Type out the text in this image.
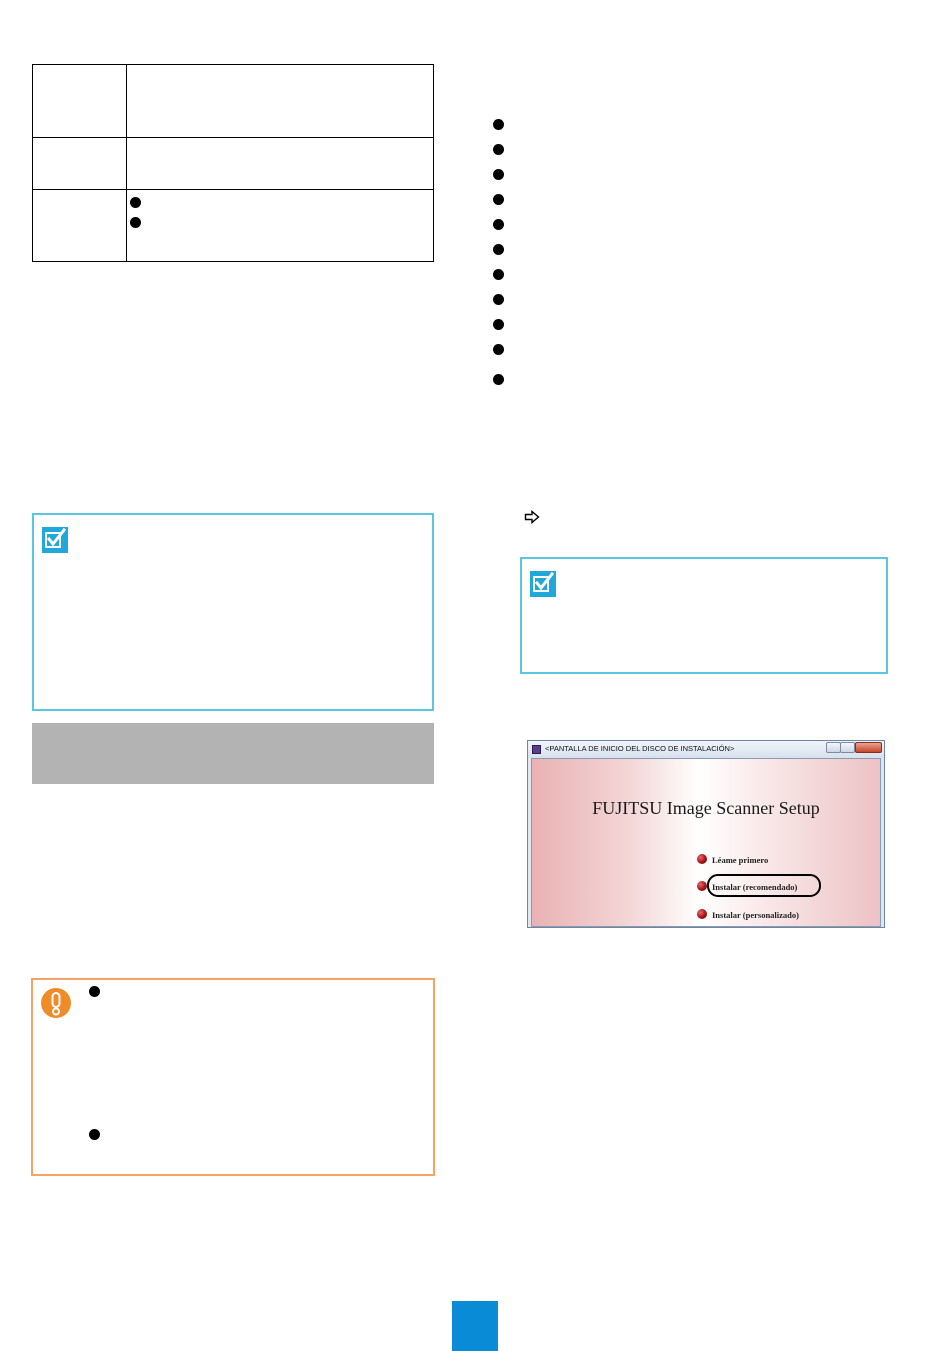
<PANTALLA DE INICIO DEL DISCO DE INSTALACIÓN>
FUJITSU Image Scanner Setup
Léame primero
Instalar (recomendado)
Instalar (personalizado)
